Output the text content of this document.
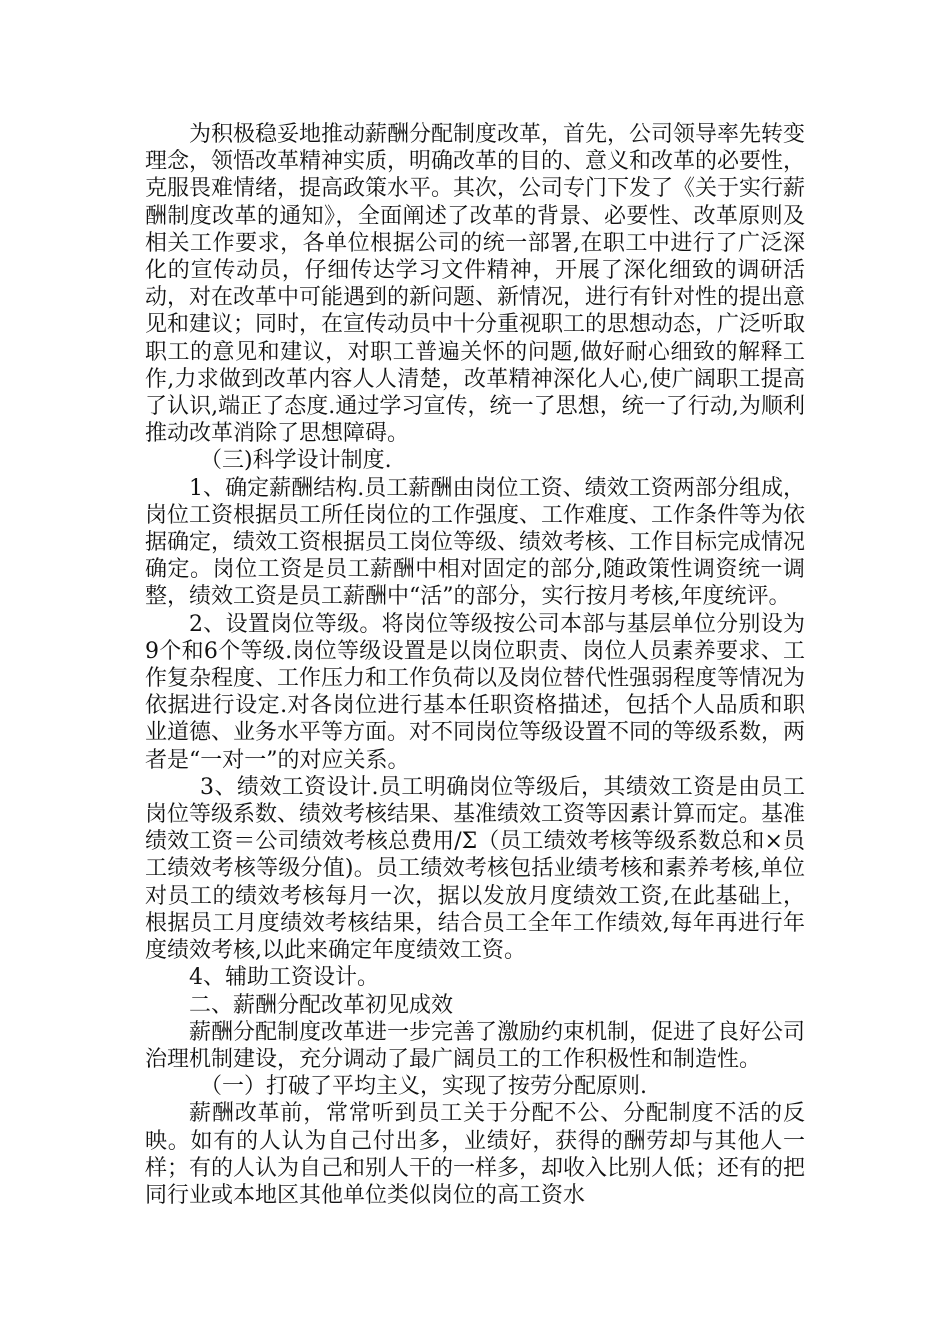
为积极稳妥地推动薪酬分配制度改革，首先，公司领导率先转变理念，领悟改革精神实质，明确改革的目的、意义和改革的必要性，克服畏难情绪，提高政策水平。其次，公司专门下发了《关于实行薪酬制度改革的通知》，全面阐述了改革的背景、必要性、改革原则及相关工作要求，各单位根据公司的统一部署,在职工中进行了广泛深化的宣传动员，仔细传达学习文件精神，开展了深化细致的调研活动，对在改革中可能遇到的新问题、新情况，进行有针对性的提出意见和建议；同时，在宣传动员中十分重视职工的思想动态，广泛听取职工的意见和建议，对职工普遍关怀的问题,做好耐心细致的解释工作,力求做到改革内容人人清楚，改革精神深化人心,使广阔职工提高了认识,端正了态度.通过学习宣传，统一了思想，统一了行动,为顺利推动改革消除了思想障碍。

（三)科学设计制度.

1、确定薪酬结构.员工薪酬由岗位工资、绩效工资两部分组成，岗位工资根据员工所任岗位的工作强度、工作难度、工作条件等为依据确定，绩效工资根据员工岗位等级、绩效考核、工作目标完成情况确定。岗位工资是员工薪酬中相对固定的部分,随政策性调资统一调整，绩效工资是员工薪酬中“活”的部分，实行按月考核,年度统评。

2、设置岗位等级。将岗位等级按公司本部与基层单位分别设为9个和6个等级.岗位等级设置是以岗位职责、岗位人员素养要求、工作复杂程度、工作压力和工作负荷以及岗位替代性强弱程度等情况为依据进行设定.对各岗位进行基本任职资格描述，包括个人品质和职业道德、业务水平等方面。对不同岗位等级设置不同的等级系数，两者是“一对一”的对应关系。

3、绩效工资设计.员工明确岗位等级后，其绩效工资是由员工岗位等级系数、绩效考核结果、基准绩效工资等因素计算而定。基准绩效工资＝公司绩效考核总费用/Σ（员工绩效考核等级系数总和×员工绩效考核等级分值)。员工绩效考核包括业绩考核和素养考核,单位对员工的绩效考核每月一次，据以发放月度绩效工资,在此基础上，根据员工月度绩效考核结果，结合员工全年工作绩效,每年再进行年度绩效考核,以此来确定年度绩效工资。

4、辅助工资设计。

二、薪酬分配改革初见成效

薪酬分配制度改革进一步完善了激励约束机制，促进了良好公司治理机制建设，充分调动了最广阔员工的工作积极性和制造性。

（一）打破了平均主义，实现了按劳分配原则.

薪酬改革前，常常听到员工关于分配不公、分配制度不活的反映。如有的人认为自己付出多，业绩好，获得的酬劳却与其他人一样；有的人认为自己和别人干的一样多，却收入比别人低；还有的把同行业或本地区其他单位类似岗位的高工资水
